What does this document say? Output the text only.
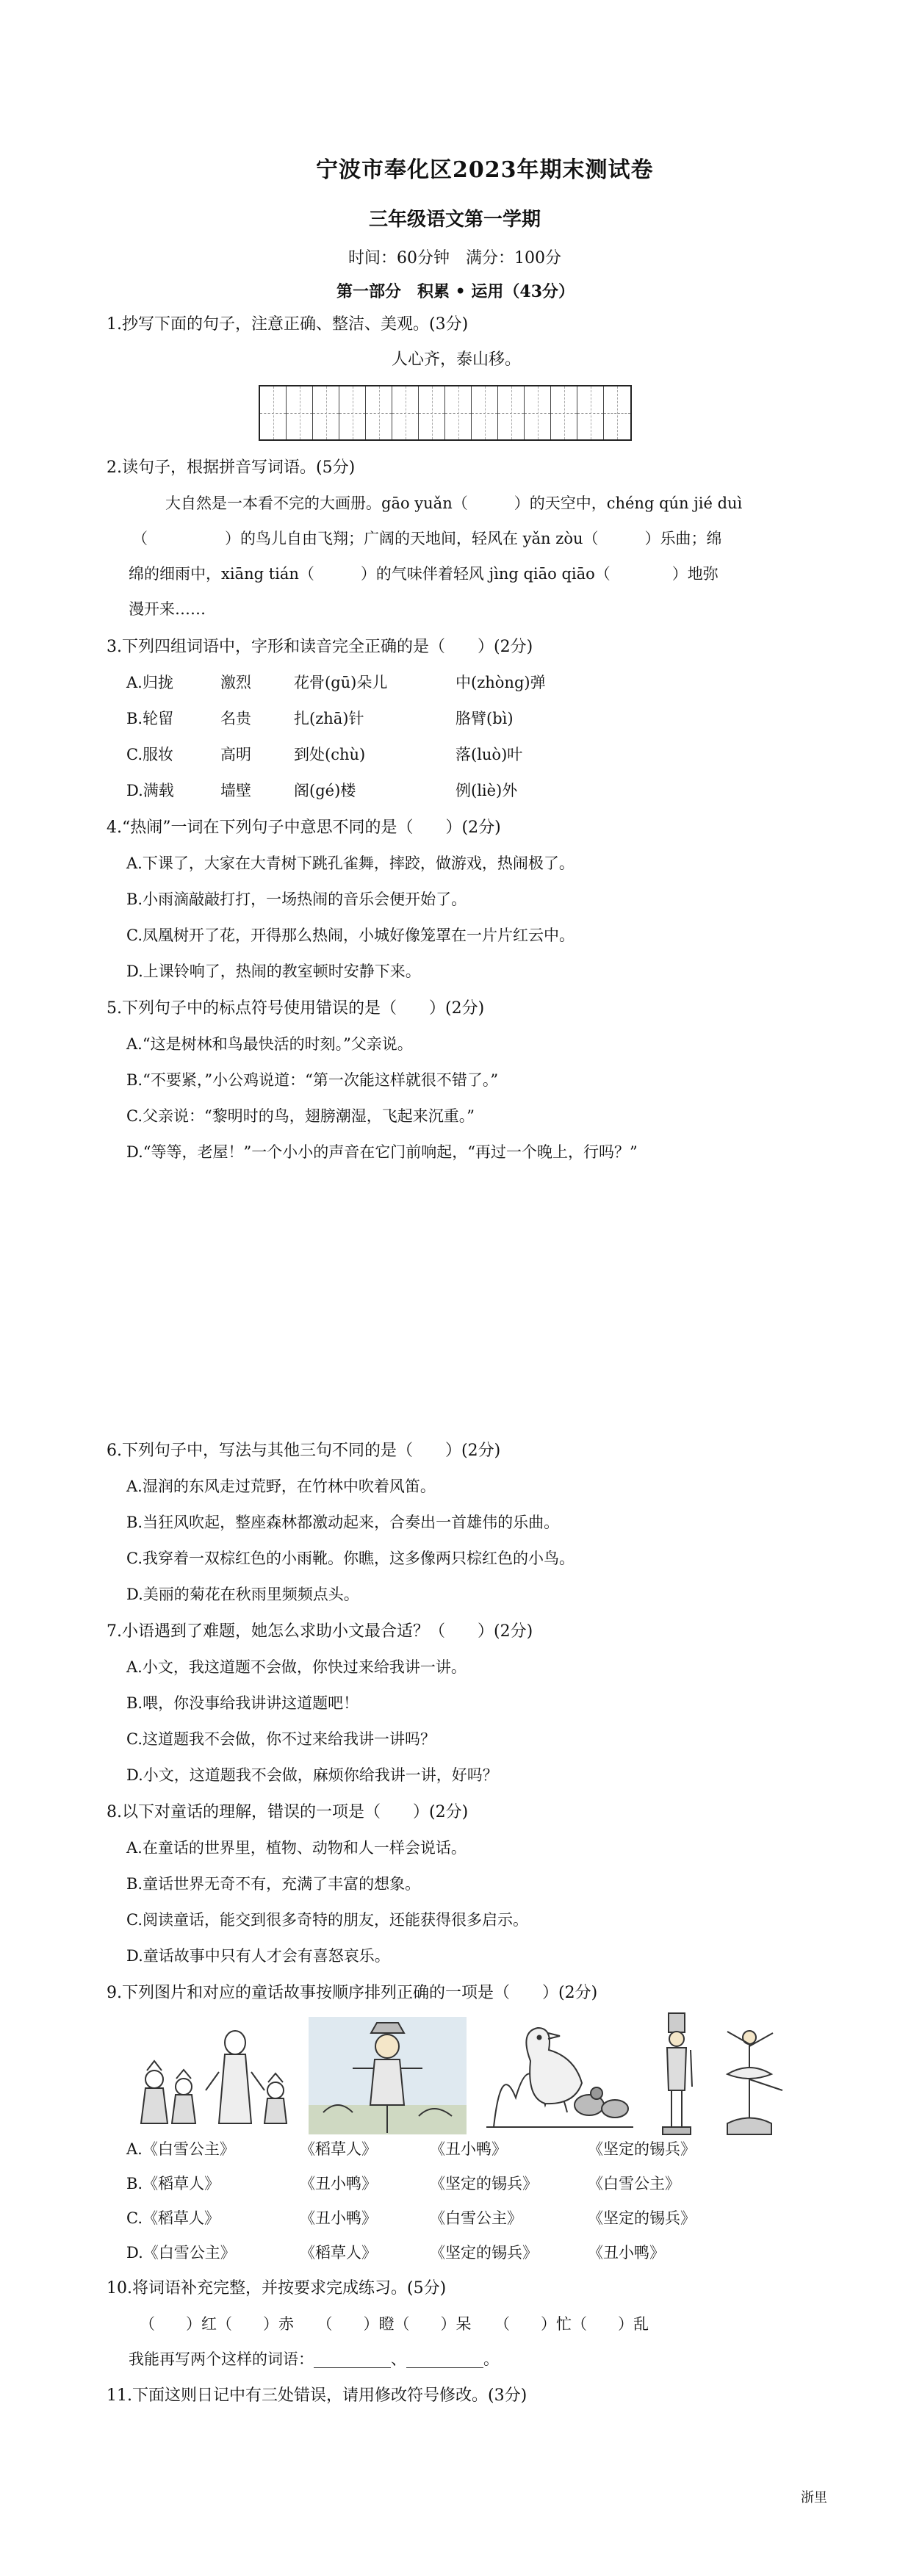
宁波市奉化区2023年期末测试卷
三年级语文第一学期
时间：60分钟　满分：100分
第一部分　积累 • 运用（43分）
1.抄写下面的句子，注意正确、整洁、美观。(3分)
人心齐，泰山移。
2.读句子，根据拼音写词语。(5分)
大自然是一本看不完的大画册。gāo yuǎn（　　　）的天空中，chéng qún jié duì
（　　　　　）的鸟儿自由飞翔；广阔的天地间，轻风在 yǎn zòu（　　　）乐曲；绵
绵的细雨中，xiāng tián（　　　）的气味伴着轻风 jìng qiāo qiāo（　　　　）地弥
漫开来……
3.下列四组词语中，字形和读音完全正确的是（　　）(2分)
A.归拢	激烈	花骨(gū)朵儿	中(zhòng)弹
B.轮留	名贵	扎(zhā)针	胳臂(bì)
C.服妆	高明	到处(chù)	落(luò)叶
D.满载	墙壁	阁(gé)楼	例(liè)外
4.“热闹”一词在下列句子中意思不同的是（　　）(2分)
A.下课了，大家在大青树下跳孔雀舞，摔跤，做游戏，热闹极了。
B.小雨滴敲敲打打，一场热闹的音乐会便开始了。
C.凤凰树开了花，开得那么热闹，小城好像笼罩在一片片红云中。
D.上课铃响了，热闹的教室顿时安静下来。
5.下列句子中的标点符号使用错误的是（　　）(2分)
A.“这是树林和鸟最快活的时刻。”父亲说。
B.“不要紧，”小公鸡说道：“第一次能这样就很不错了。”
C.父亲说：“黎明时的鸟，翅膀潮湿，飞起来沉重。”
D.“等等，老屋！”一个小小的声音在它门前响起，“再过一个晚上，行吗？”
6.下列句子中，写法与其他三句不同的是（　　）(2分)
A.湿润的东风走过荒野，在竹林中吹着风笛。
B.当狂风吹起，整座森林都激动起来，合奏出一首雄伟的乐曲。
C.我穿着一双棕红色的小雨靴。你瞧，这多像两只棕红色的小鸟。
D.美丽的菊花在秋雨里频频点头。
7.小语遇到了难题，她怎么求助小文最合适？（　　）(2分)
A.小文，我这道题不会做，你快过来给我讲一讲。
B.喂，你没事给我讲讲这道题吧！
C.这道题我不会做，你不过来给我讲一讲吗？
D.小文，这道题我不会做，麻烦你给我讲一讲，好吗？
8.以下对童话的理解，错误的一项是（　　）(2分)
A.在童话的世界里，植物、动物和人一样会说话。
B.童话世界无奇不有，充满了丰富的想象。
C.阅读童话，能交到很多奇特的朋友，还能获得很多启示。
D.童话故事中只有人才会有喜怒哀乐。
9.下列图片和对应的童话故事按顺序排列正确的一项是（　　）(2分)
A.《白雪公主》	《稻草人》	《丑小鸭》	《坚定的锡兵》
B.《稻草人》	《丑小鸭》	《坚定的锡兵》	《白雪公主》
C.《稻草人》	《丑小鸭》	《白雪公主》	《坚定的锡兵》
D.《白雪公主》	《稻草人》	《坚定的锡兵》	《丑小鸭》
10.将词语补充完整，并按要求完成练习。(5分)
（　　）红（　　）赤　　（　　）瞪（　　）呆　　（　　）忙（　　）乱
我能再写两个这样的词语：__________、__________。
11.下面这则日记中有三处错误，请用修改符号修改。(3分)
浙里
